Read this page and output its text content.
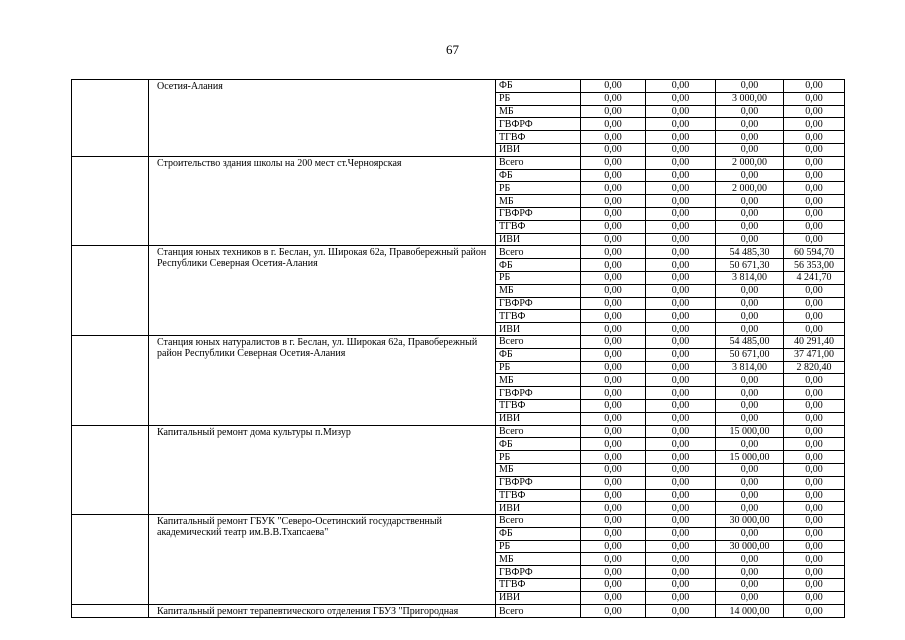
67
	Осетия-Алания	ФБ	0,00	0,00	0,00	0,00
		РБ	0,00	0,00	3 000,00	0,00
		МБ	0,00	0,00	0,00	0,00
		ГВФРФ	0,00	0,00	0,00	0,00
		ТГВФ	0,00	0,00	0,00	0,00
		ИВИ	0,00	0,00	0,00	0,00
	Строительство здания школы на 200 мест ст.Черноярская	Всего	0,00	0,00	2 000,00	0,00
		ФБ	0,00	0,00	0,00	0,00
		РБ	0,00	0,00	2 000,00	0,00
		МБ	0,00	0,00	0,00	0,00
		ГВФРФ	0,00	0,00	0,00	0,00
		ТГВФ	0,00	0,00	0,00	0,00
		ИВИ	0,00	0,00	0,00	0,00
	Станция юных техников в г. Беслан, ул. Широкая 62а, Правобережный район Республики Северная Осетия-Алания	Всего	0,00	0,00	54 485,30	60 594,70
		ФБ	0,00	0,00	50 671,30	56 353,00
		РБ	0,00	0,00	3 814,00	4 241,70
		МБ	0,00	0,00	0,00	0,00
		ГВФРФ	0,00	0,00	0,00	0,00
		ТГВФ	0,00	0,00	0,00	0,00
		ИВИ	0,00	0,00	0,00	0,00
	Станция юных натуралистов в г. Беслан, ул. Широкая 62а, Правобережный район Республики Северная Осетия-Алания	Всего	0,00	0,00	54 485,00	40 291,40
		ФБ	0,00	0,00	50 671,00	37 471,00
		РБ	0,00	0,00	3 814,00	2 820,40
		МБ	0,00	0,00	0,00	0,00
		ГВФРФ	0,00	0,00	0,00	0,00
		ТГВФ	0,00	0,00	0,00	0,00
		ИВИ	0,00	0,00	0,00	0,00
	Капитальный ремонт дома культуры п.Мизур	Всего	0,00	0,00	15 000,00	0,00
		ФБ	0,00	0,00	0,00	0,00
		РБ	0,00	0,00	15 000,00	0,00
		МБ	0,00	0,00	0,00	0,00
		ГВФРФ	0,00	0,00	0,00	0,00
		ТГВФ	0,00	0,00	0,00	0,00
		ИВИ	0,00	0,00	0,00	0,00
	Капитальный ремонт ГБУК "Северо-Осетинский государственный академический театр им.В.В.Тхапсаева"	Всего	0,00	0,00	30 000,00	0,00
		ФБ	0,00	0,00	0,00	0,00
		РБ	0,00	0,00	30 000,00	0,00
		МБ	0,00	0,00	0,00	0,00
		ГВФРФ	0,00	0,00	0,00	0,00
		ТГВФ	0,00	0,00	0,00	0,00
		ИВИ	0,00	0,00	0,00	0,00
	Капитальный ремонт терапевтического отделения ГБУЗ "Пригородная	Всего	0,00	0,00	14 000,00	0,00
